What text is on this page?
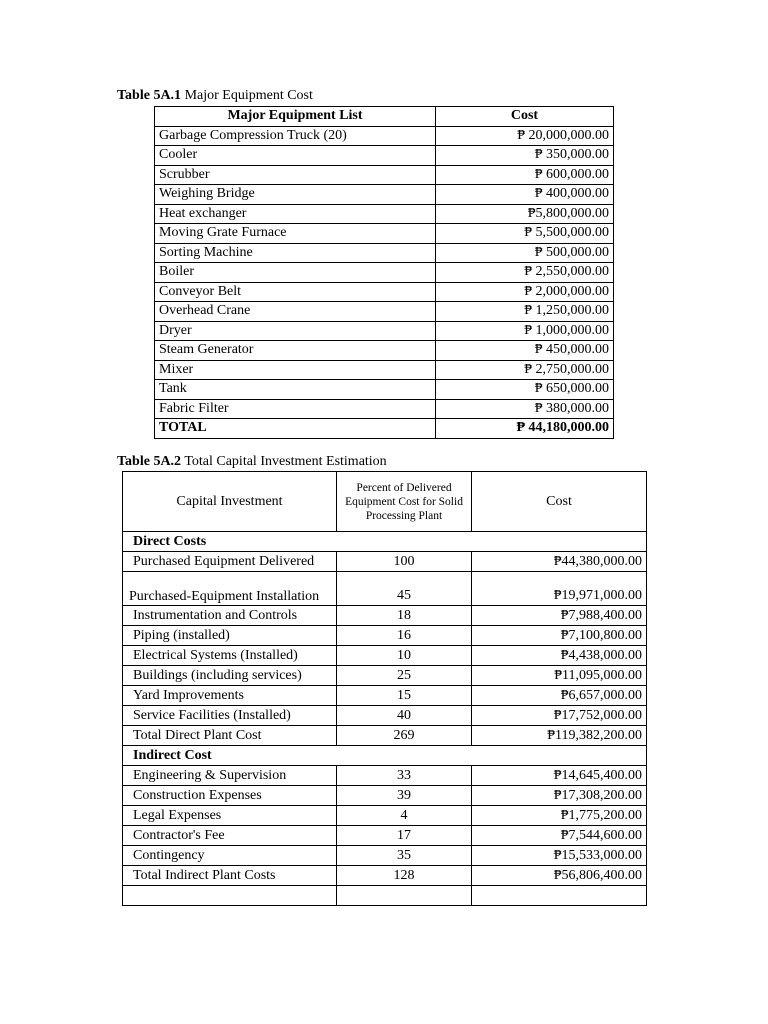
Table 5A.1 Major Equipment Cost
Major Equipment List	Cost
Garbage Compression Truck (20)	₱ 20,000,000.00
Cooler	₱ 350,000.00
Scrubber	₱ 600,000.00
Weighing Bridge	₱ 400,000.00
Heat exchanger	₱5,800,000.00
Moving Grate Furnace	₱ 5,500,000.00
Sorting Machine	₱ 500,000.00
Boiler	₱ 2,550,000.00
Conveyor Belt	₱ 2,000,000.00
Overhead Crane	₱ 1,250,000.00
Dryer	₱ 1,000,000.00
Steam Generator	₱ 450,000.00
Mixer	₱ 2,750,000.00
Tank	₱ 650,000.00
Fabric Filter	₱ 380,000.00
TOTAL	₱ 44,180,000.00
Table 5A.2 Total Capital Investment Estimation
Capital Investment	Percent of Delivered Equipment Cost for Solid Processing Plant	Cost
Direct Costs		
Purchased Equipment Delivered	100	₱44,380,000.00
Purchased-Equipment Installation	45	₱19,971,000.00
Instrumentation and Controls	18	₱7,988,400.00
Piping (installed)	16	₱7,100,800.00
Electrical Systems (Installed)	10	₱4,438,000.00
Buildings (including services)	25	₱11,095,000.00
Yard Improvements	15	₱6,657,000.00
Service Facilities (Installed)	40	₱17,752,000.00
Total Direct Plant Cost	269	₱119,382,200.00
Indirect Cost		
Engineering & Supervision	33	₱14,645,400.00
Construction Expenses	39	₱17,308,200.00
Legal Expenses	4	₱1,775,200.00
Contractor's Fee	17	₱7,544,600.00
Contingency	35	₱15,533,000.00
Total Indirect Plant Costs	128	₱56,806,400.00
